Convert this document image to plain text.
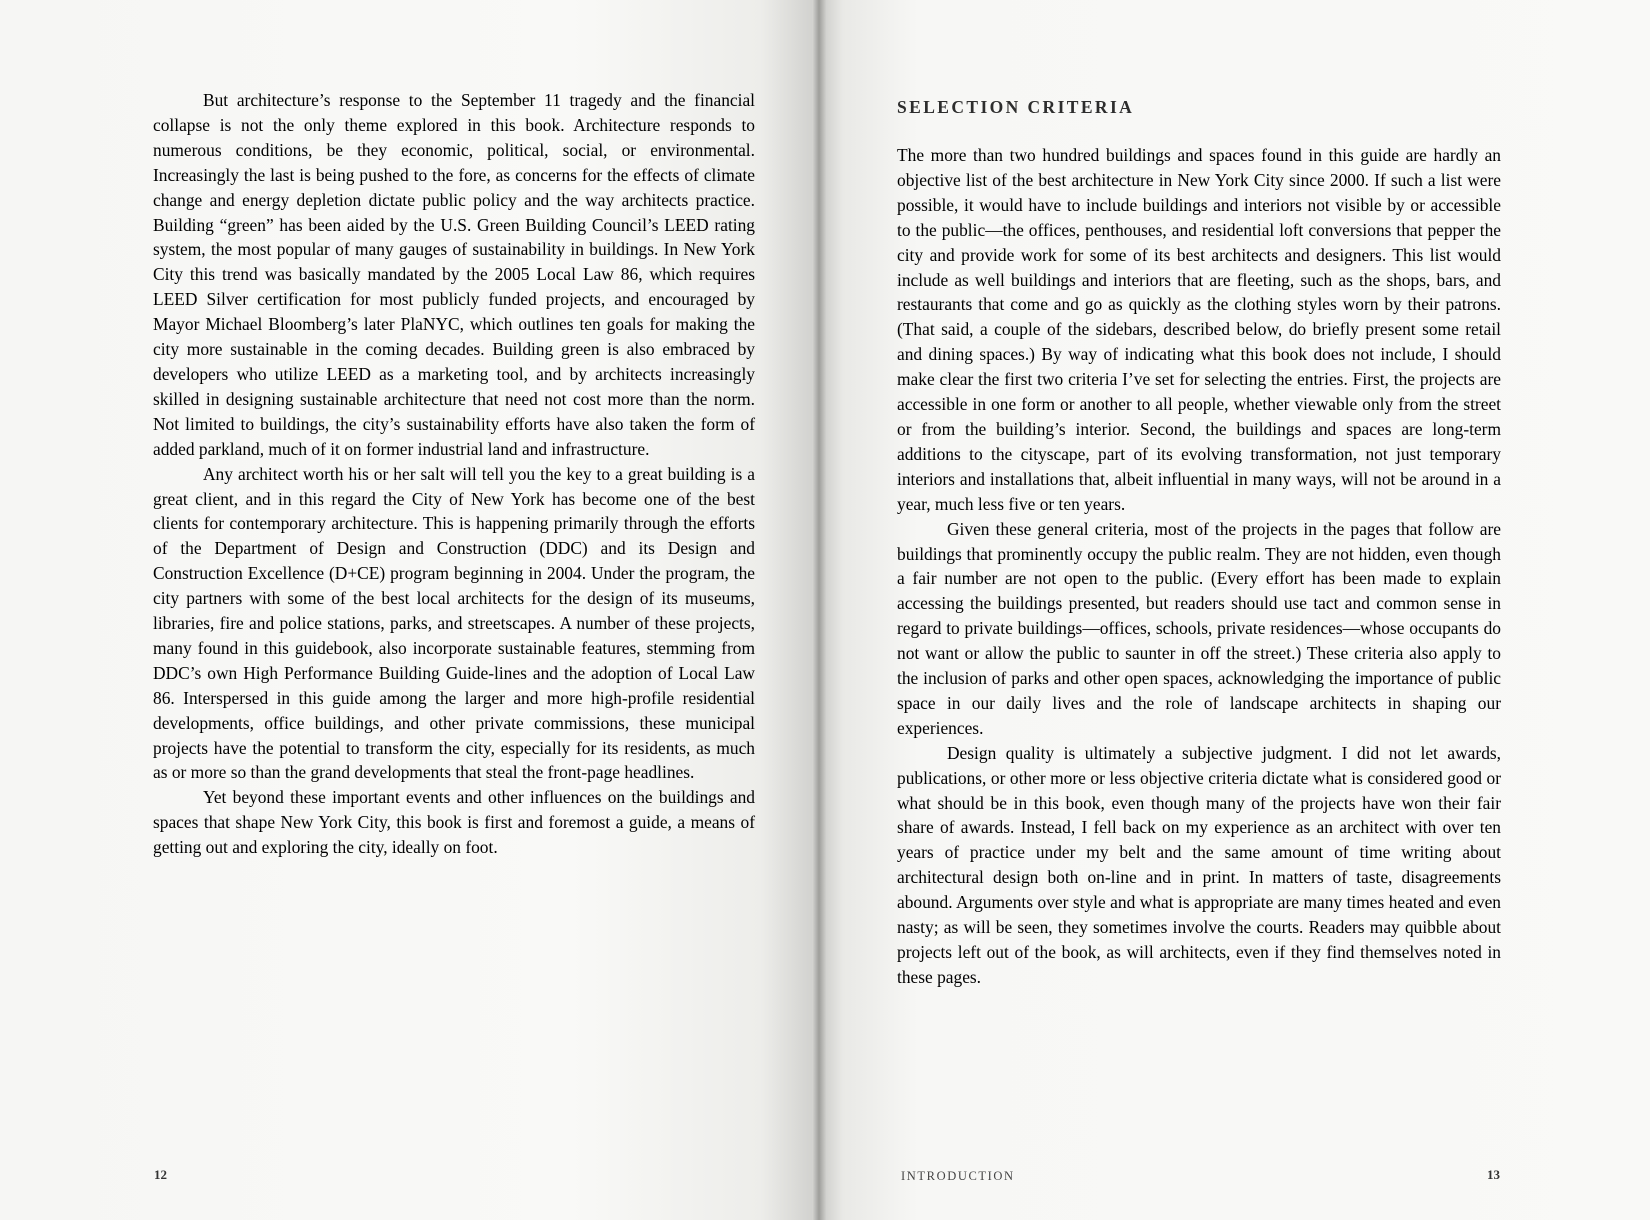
But architecture’s response to the September 11 tragedy and the financial collapse is not the only theme explored in this book. Architecture responds to numerous conditions, be they economic, political, social, or environmental. Increasingly the last is being pushed to the fore, as concerns for the effects of climate change and energy depletion dictate public policy and the way architects practice. Building “green” has been aided by the U.S. Green Building Council’s LEED rating system, the most popular of many gauges of sustainability in buildings. In New York City this trend was basically mandated by the 2005 Local Law 86, which requires LEED Silver certification for most publicly funded projects, and encouraged by Mayor Michael Bloomberg’s later PlaNYC, which outlines ten goals for making the city more sustainable in the coming decades. Building green is also embraced by developers who utilize LEED as a marketing tool, and by architects increasingly skilled in designing sustainable architecture that need not cost more than the norm. Not limited to buildings, the city’s sustainability efforts have also taken the form of added parkland, much of it on former industrial land and infrastructure.

Any architect worth his or her salt will tell you the key to a great building is a great client, and in this regard the City of New York has become one of the best clients for contemporary architecture. This is happening primarily through the efforts of the Department of Design and Construction (DDC) and its Design and Construction Excellence (D+CE) program beginning in 2004. Under the program, the city partners with some of the best local architects for the design of its museums, libraries, fire and police stations, parks, and streetscapes. A number of these projects, many found in this guidebook, also incorporate sustainable features, stemming from DDC’s own High Performance Building Guide-lines and the adoption of Local Law 86. Interspersed in this guide among the larger and more high-profile residential developments, office buildings, and other private commissions, these municipal projects have the potential to transform the city, especially for its residents, as much as or more so than the grand developments that steal the front-page headlines.

Yet beyond these important events and other influences on the buildings and spaces that shape New York City, this book is first and foremost a guide, a means of getting out and exploring the city, ideally on foot.

SELECTION CRITERIA

The more than two hundred buildings and spaces found in this guide are hardly an objective list of the best architecture in New York City since 2000. If such a list were possible, it would have to include buildings and interiors not visible by or accessible to the public—the offices, penthouses, and residential loft conversions that pepper the city and provide work for some of its best architects and designers. This list would include as well buildings and interiors that are fleeting, such as the shops, bars, and restaurants that come and go as quickly as the clothing styles worn by their patrons. (That said, a couple of the sidebars, described below, do briefly present some retail and dining spaces.) By way of indicating what this book does not include, I should make clear the first two criteria I’ve set for selecting the entries. First, the projects are accessible in one form or another to all people, whether viewable only from the street or from the building’s interior. Second, the buildings and spaces are long-term additions to the cityscape, part of its evolving transformation, not just temporary interiors and installations that, albeit influential in many ways, will not be around in a year, much less five or ten years.

Given these general criteria, most of the projects in the pages that follow are buildings that prominently occupy the public realm. They are not hidden, even though a fair number are not open to the public. (Every effort has been made to explain accessing the buildings presented, but readers should use tact and common sense in regard to private buildings—offices, schools, private residences—whose occupants do not want or allow the public to saunter in off the street.) These criteria also apply to the inclusion of parks and other open spaces, acknowledging the importance of public space in our daily lives and the role of landscape architects in shaping our experiences.

Design quality is ultimately a subjective judgment. I did not let awards, publications, or other more or less objective criteria dictate what is considered good or what should be in this book, even though many of the projects have won their fair share of awards. Instead, I fell back on my experience as an architect with over ten years of practice under my belt and the same amount of time writing about architectural design both on-line and in print. In matters of taste, disagreements abound. Arguments over style and what is appropriate are many times heated and even nasty; as will be seen, they sometimes involve the courts. Readers may quibble about projects left out of the book, as will architects, even if they find themselves noted in these pages.

12	INTRODUCTION	13
